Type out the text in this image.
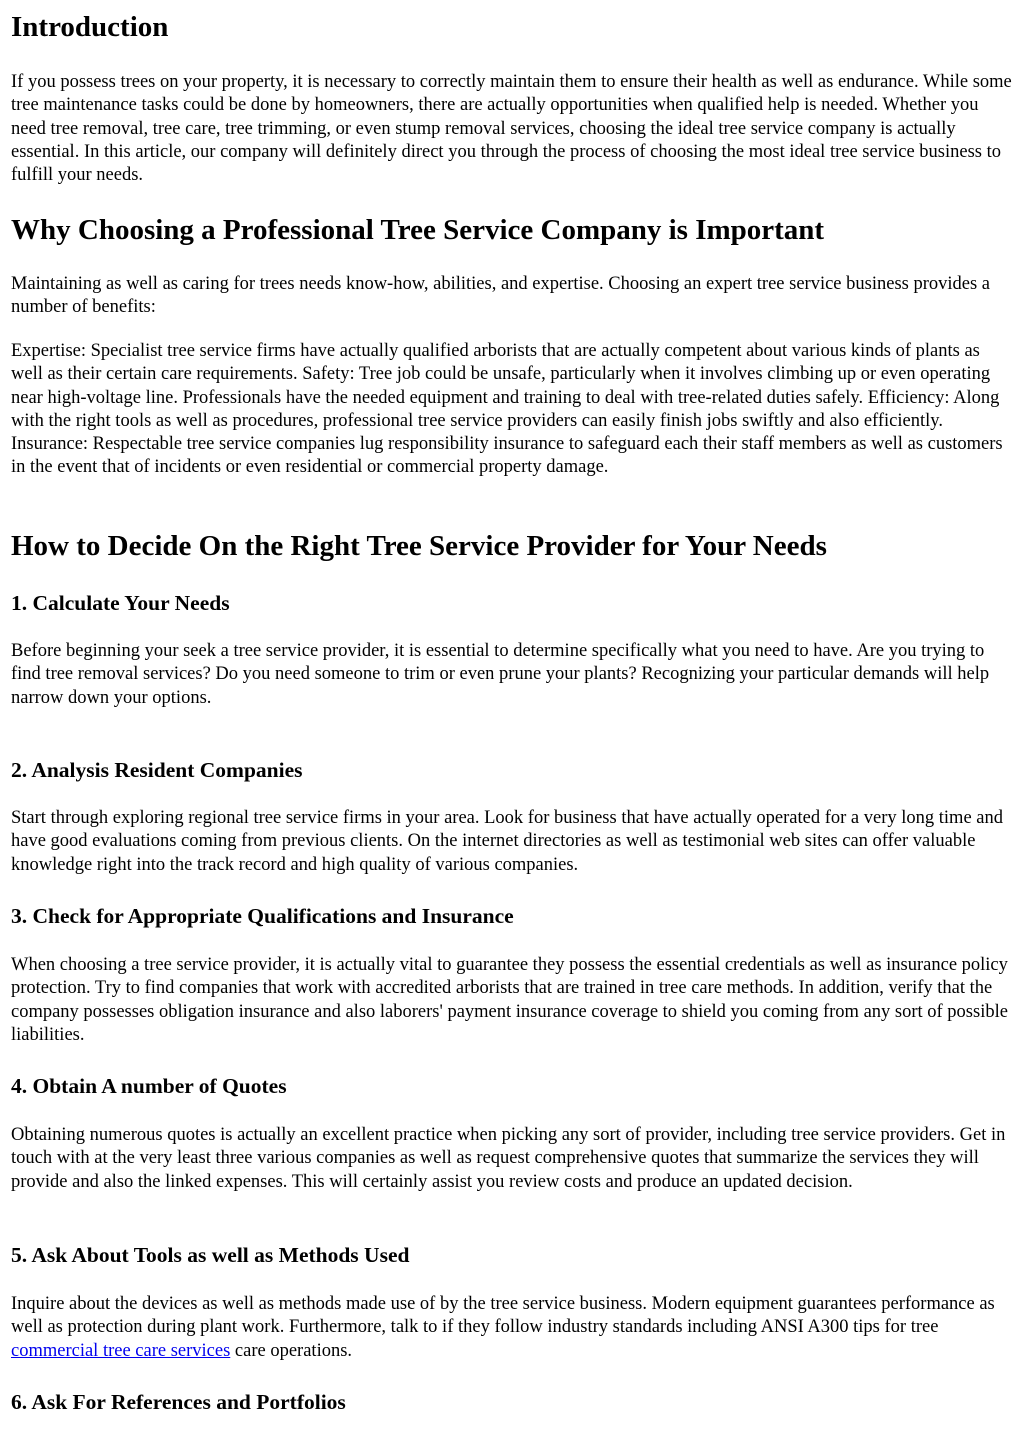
Introduction

If you possess trees on your property, it is necessary to correctly maintain them to ensure their health as well as endurance. While some tree maintenance tasks could be done by homeowners, there are actually opportunities when qualified help is needed. Whether you need tree removal, tree care, tree trimming, or even stump removal services, choosing the ideal tree service company is actually essential. In this article, our company will definitely direct you through the process of choosing the most ideal tree service business to fulfill your needs.

Why Choosing a Professional Tree Service Company is Important

Maintaining as well as caring for trees needs know-how, abilities, and expertise. Choosing an expert tree service business provides a number of benefits:

Expertise: Specialist tree service firms have actually qualified arborists that are actually competent about various kinds of plants as well as their certain care requirements. Safety: Tree job could be unsafe, particularly when it involves climbing up or even operating near high-voltage line. Professionals have the needed equipment and training to deal with tree-related duties safely. Efficiency: Along with the right tools as well as procedures, professional tree service providers can easily finish jobs swiftly and also efficiently. Insurance: Respectable tree service companies lug responsibility insurance to safeguard each their staff members as well as customers in the event that of incidents or even residential or commercial property damage.

How to Decide On the Right Tree Service Provider for Your Needs
1. Calculate Your Needs

Before beginning your seek a tree service provider, it is essential to determine specifically what you need to have. Are you trying to find tree removal services? Do you need someone to trim or even prune your plants? Recognizing your particular demands will help narrow down your options.

2. Analysis Resident Companies

Start through exploring regional tree service firms in your area. Look for business that have actually operated for a very long time and have good evaluations coming from previous clients. On the internet directories as well as testimonial web sites can offer valuable knowledge right into the track record and high quality of various companies.

3. Check for Appropriate Qualifications and Insurance

When choosing a tree service provider, it is actually vital to guarantee they possess the essential credentials as well as insurance policy protection. Try to find companies that work with accredited arborists that are trained in tree care methods. In addition, verify that the company possesses obligation insurance and also laborers' payment insurance coverage to shield you coming from any sort of possible liabilities.

4. Obtain A number of Quotes

Obtaining numerous quotes is actually an excellent practice when picking any sort of provider, including tree service providers. Get in touch with at the very least three various companies as well as request comprehensive quotes that summarize the services they will provide and also the linked expenses. This will certainly assist you review costs and produce an updated decision.

5. Ask About Tools as well as Methods Used

Inquire about the devices as well as methods made use of by the tree service business. Modern equipment guarantees performance as well as protection during plant work. Furthermore, talk to if they follow industry standards including ANSI A300 tips for tree commercial tree care services care operations.

6. Ask For References and Portfolios
